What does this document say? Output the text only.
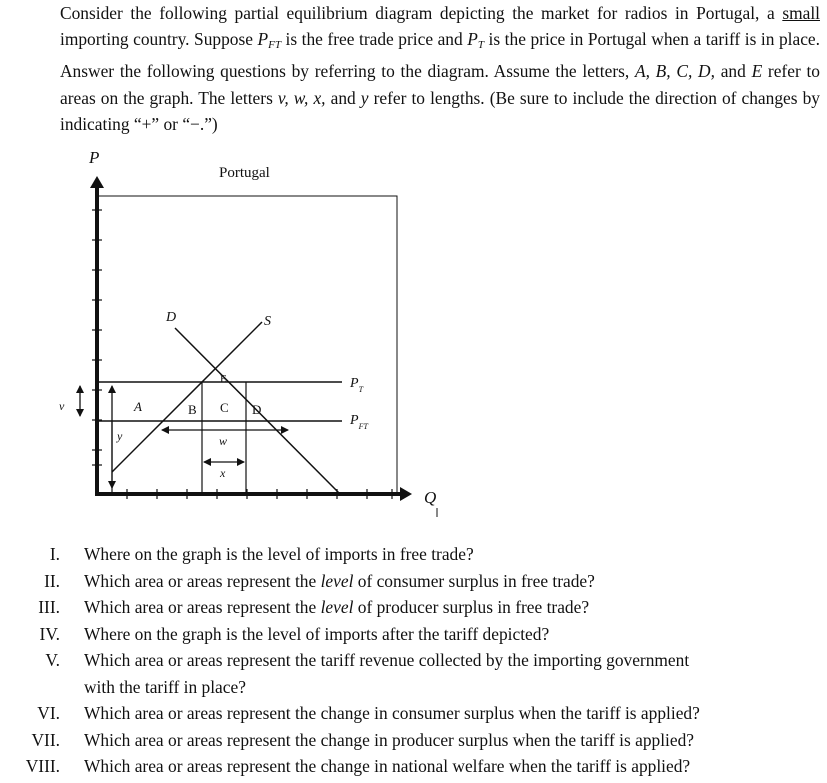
Consider the following partial equilibrium diagram depicting the market for radios in Portugal, a small importing country. Suppose $P_{FT}$ is the free trade price and $P_T$ is the price in Portugal when a tariff is in place. Answer the following questions by referring to the diagram. Assume the letters, A, B, C, D, and E refer to areas on the graph. The letters v, w, x, and y refer to lengths. (Be sure to include the direction of changes by indicating “+” or “−.”)
P
Portugal
Q
D	S
$P_T$
$P_{FT}$
A	B C D
E
v
y	w
x
I. Where on the graph is the level of imports in free trade?
II. Which area or areas represent the level of consumer surplus in free trade?
III. Which area or areas represent the level of producer surplus in free trade?
IV. Where on the graph is the level of imports after the tariff depicted?
V. Which area or areas represent the tariff revenue collected by the importing government
with the tariff in place?
VI. Which area or areas represent the change in consumer surplus when the tariff is applied?
VII. Which area or areas represent the change in producer surplus when the tariff is applied?
VIII. Which area or areas represent the change in national welfare when the tariff is applied?
